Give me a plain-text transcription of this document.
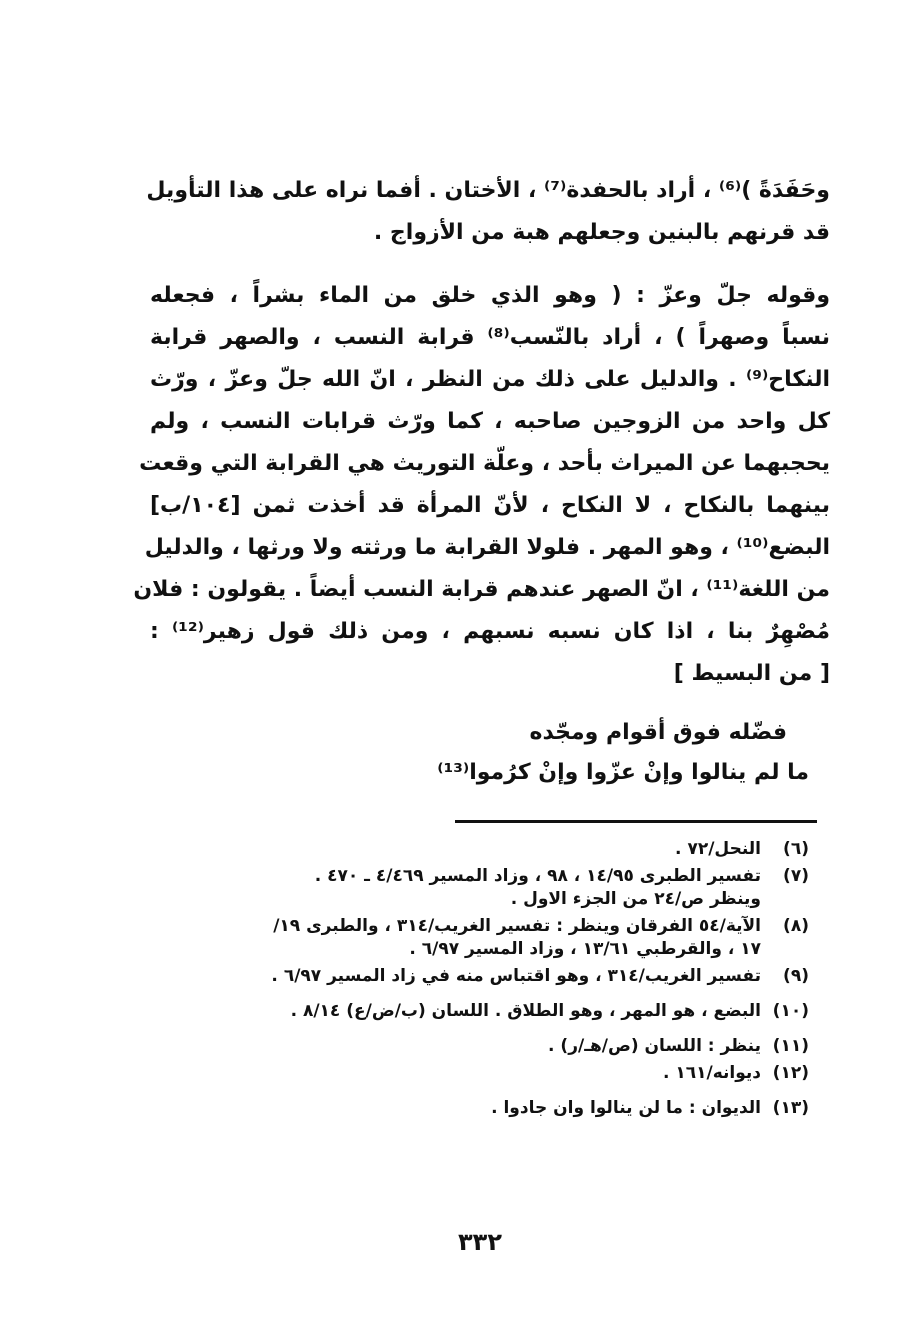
وحَفَدَةً )⁽⁶⁾ ، أراد بالحفدة⁽⁷⁾ ، الأختان . أفما نراه على هذا التأويل
قد قرنهم بالبنين وجعلهم هبة من الأزواج .
وقوله جلّ وعزّ : ( وهو الذي خلق من الماء بشراً ، فجعله
نسباً وصهراً ) ، أراد بالنّسب⁽⁸⁾ قرابة النسب ، والصهر قرابة
النكاح⁽⁹⁾ . والدليل على ذلك من النظر ، انّ الله جلّ وعزّ ، ورّث
كل واحد من الزوجين صاحبه ، كما ورّث قرابات النسب ، ولم
يحجبهما عن الميراث بأحد ، وعلّة التوريث هي القرابة التي وقعت
بينهما بالنكاح ، لا النكاح ، لأنّ المرأة قد أخذت ثمن [١٠٤/ب]
البضع⁽¹⁰⁾ ، وهو المهر . فلولا القرابة ما ورثته ولا ورثها ، والدليل
من اللغة⁽¹¹⁾ ، انّ الصهر عندهم قرابة النسب أيضاً . يقولون : فلان
مُصْهِرٌ بنا ، اذا كان نسبه نسبهم ، ومن ذلك قول زهير⁽¹²⁾ :
[ من البسيط ]
فضّله فوق أقوام ومجّده
ما لم ينالوا وإنْ عزّوا وإنْ كرُموا⁽¹³⁾
(٦)
النحل/٧٢ .
(٧)
تفسير الطبرى ١٤/٩٥ ، ٩٨ ، وزاد المسير ٤/٤٦٩ ـ ٤٧٠ .
وينظر ص/٢٤ من الجزء الاول .
(٨)
الآية/٥٤ الفرقان وينظر : تفسير الغريب/٣١٤ ، والطبرى ١٩/
١٧ ، والقرطبي ١٣/٦١ ، وزاد المسير ٦/٩٧ .
(٩)
تفسير الغريب/٣١٤ ، وهو اقتباس منه في زاد المسير ٦/٩٧ .
(١٠)
البضع ، هو المهر ، وهو الطلاق . اللسان (ب/ض/ع) ٨/١٤ .
(١١)
ينظر : اللسان (ص/هـ/ر) .
(١٢)
ديوانه/١٦١ .
(١٣)
الديوان : ما لن ينالوا وان جادوا .
٣٣٢
